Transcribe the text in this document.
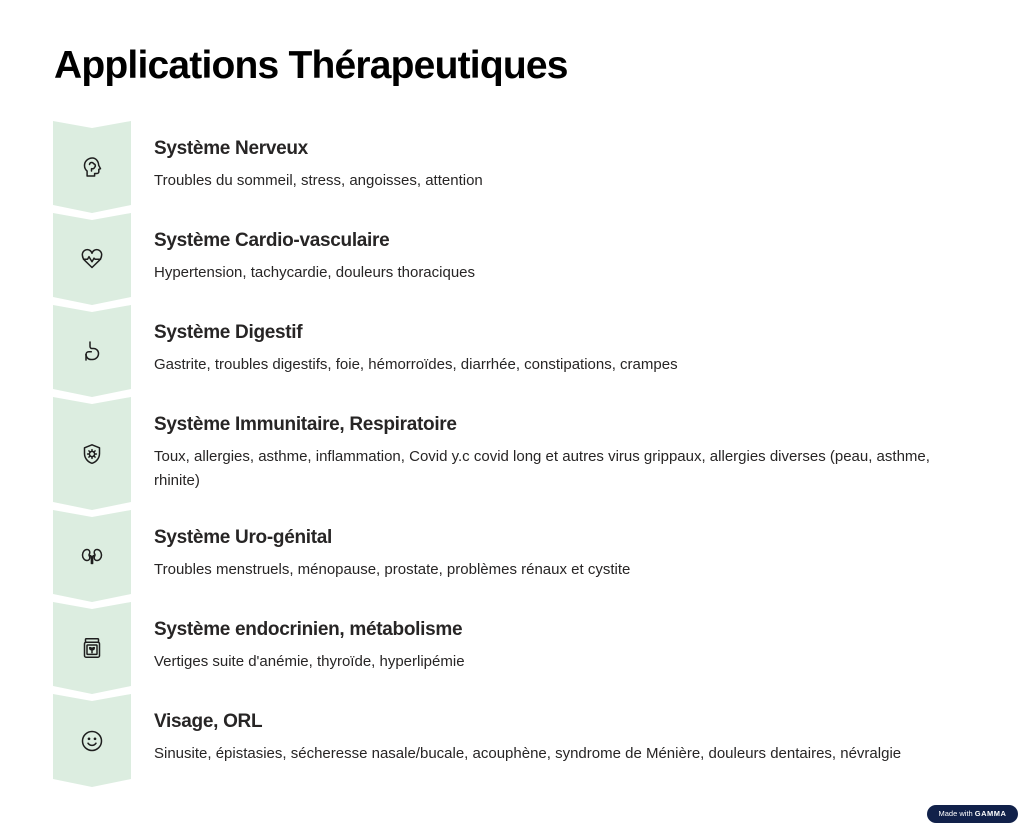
Applications Thérapeutiques
Système Nerveux

Troubles du sommeil, stress, angoisses, attention

Système Cardio-vasculaire

Hypertension, tachycardie, douleurs thoraciques

Système Digestif

Gastrite, troubles digestifs, foie, hémorroïdes, diarrhée, constipations, crampes

Système Immunitaire, Respiratoire

Toux, allergies, asthme, inflammation, Covid y.c covid long et autres virus grippaux, allergies diverses (peau, asthme, rhinite)

Système Uro-génital

Troubles menstruels, ménopause, prostate, problèmes rénaux et cystite

Système endocrinien, métabolisme

Vertiges suite d'anémie, thyroïde, hyperlipémie

Visage, ORL

Sinusite, épistasies, sécheresse nasale/bucale, acouphène, syndrome de Ménière, douleurs dentaires, névralgie

Made with GAMMA
